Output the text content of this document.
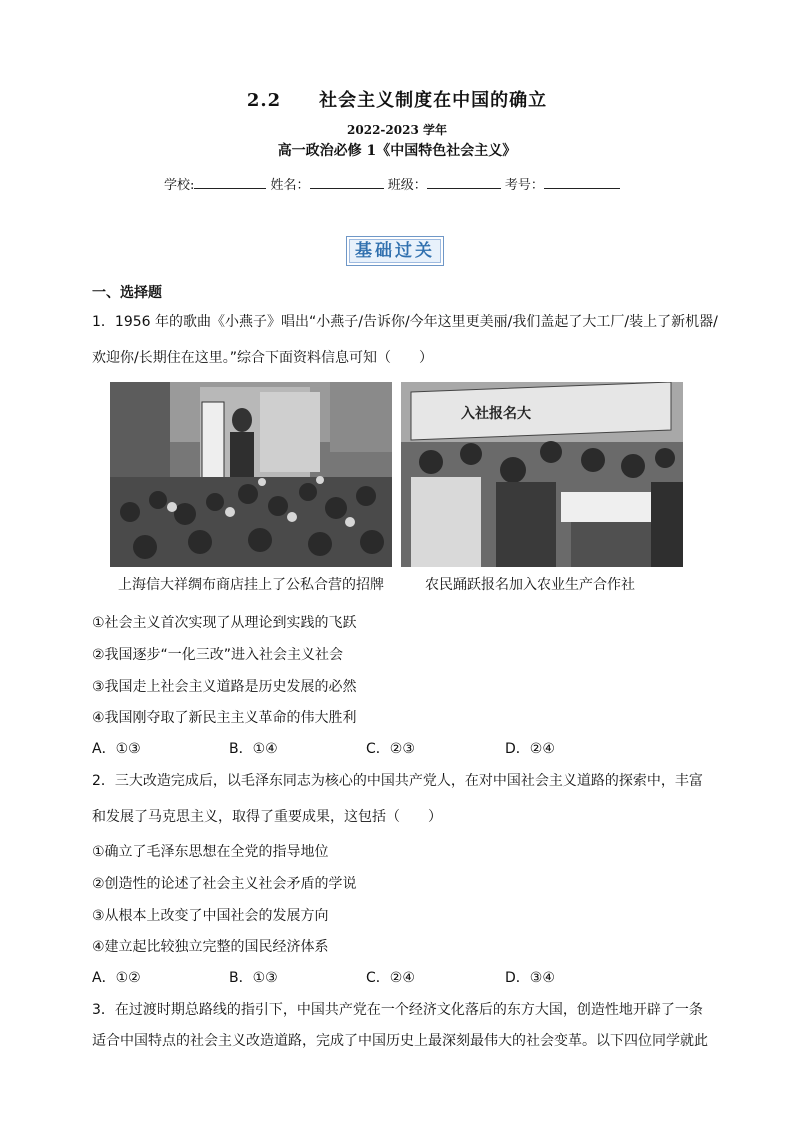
2.2 社会主义制度在中国的确立
2022-2023 学年
高一政治必修 1《中国特色社会主义》
学校:	姓名：	班级：	考号：
基础过关
一、选择题
1．1956 年的歌曲《小燕子》唱出“小燕子/告诉你/今年这里更美丽/我们盖起了大工厂/装上了新机器/
欢迎你/长期住在这里。”综合下面资料信息可知（　　）
入社报名大
上海信大祥绸布商店挂上了公私合营的招牌	农民踊跃报名加入农业生产合作社
①社会主义首次实现了从理论到实践的飞跃
②我国逐步“一化三改”进入社会主义社会
③我国走上社会主义道路是历史发展的必然
④我国刚夺取了新民主主义革命的伟大胜利
A．①③	B．①④	C．②③	D．②④
2．三大改造完成后，以毛泽东同志为核心的中国共产党人，在对中国社会主义道路的探索中，丰富
和发展了马克思主义，取得了重要成果，这包括（　　）
①确立了毛泽东思想在全党的指导地位
②创造性的论述了社会主义社会矛盾的学说
③从根本上改变了中国社会的发展方向
④建立起比较独立完整的国民经济体系
A．①②	B．①③	C．②④	D．③④
3．在过渡时期总路线的指引下，中国共产党在一个经济文化落后的东方大国，创造性地开辟了一条
适合中国特点的社会主义改造道路，完成了中国历史上最深刻最伟大的社会变革。以下四位同学就此
